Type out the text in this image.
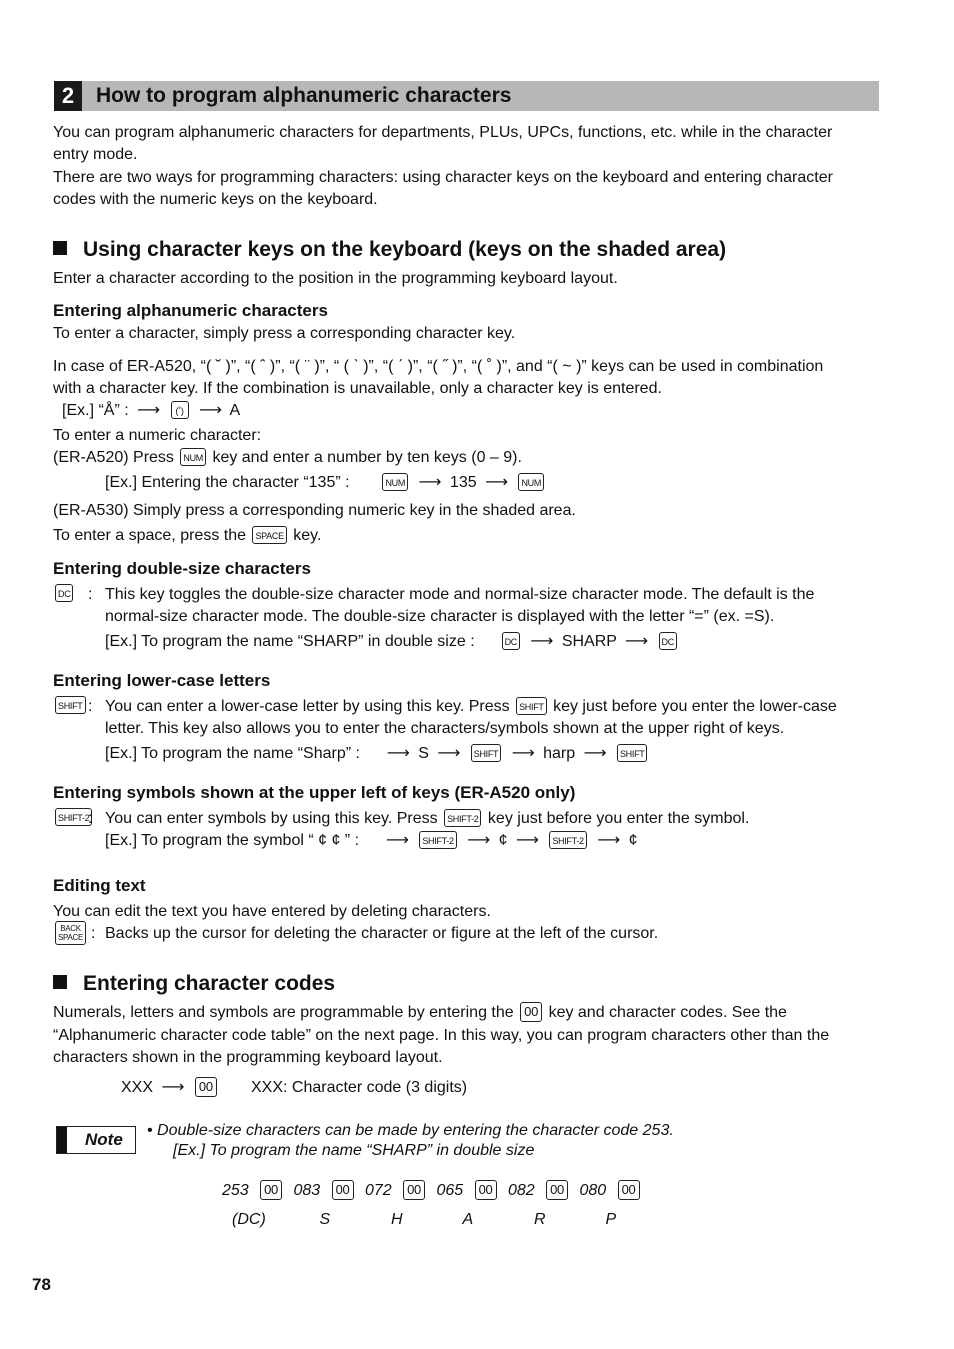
2	How to program alphanumeric characters
You can program alphanumeric characters for departments, PLUs, UPCs, functions, etc. while in the character
entry mode.
There are two ways for programming characters: using character keys on the keyboard and entering character
codes with the numeric keys on the keyboard.
Using character keys on the keyboard (keys on the shaded area)
Enter a character according to the position in the programming keyboard layout.
Entering alphanumeric characters
To enter a character, simply press a corresponding character key.
In case of ER-A520, “( ˘ )”, “( ˆ )”, “( ¨ )”, “ ( ˋ )”, “( ˊ )”, “( ˝ )”, “( ˚ )”, and “( ~ )” keys can be used in combination
with a character key. If the combination is unavailable, only a character key is entered.
[Ex.] “Å” : ⟶ (˚) ⟶ A
To enter a numeric character:
(ER-A520) Press NUM key and enter a number by ten keys (0 – 9).
[Ex.] Entering the character “135” :	NUM ⟶ 135 ⟶ NUM
(ER-A530) Simply press a corresponding numeric key in the shaded area.
To enter a space, press the SPACE key.
Entering double-size characters
DC	: This key toggles the double-size character mode and normal-size character mode. The default is the
normal-size character mode. The double-size character is displayed with the letter “=” (ex. =S).
[Ex.] To program the name “SHARP” in double size :	DC ⟶ SHARP ⟶ DC
Entering lower-case letters
SHIFT : You can enter a lower-case letter by using this key. Press SHIFT key just before you enter the lower-case
letter. This key also allows you to enter the characters/symbols shown at the upper right of keys.
[Ex.] To program the name “Sharp” : ⟶ S ⟶ SHIFT ⟶ harp ⟶ SHIFT
Entering symbols shown at the upper left of keys (ER-A520 only)
SHIFT-2
: You can enter symbols by using this key. Press SHIFT-2 key just before you enter the symbol.
[Ex.] To program the symbol “ ¢ ¢ ” : ⟶ SHIFT-2 ⟶ ¢ ⟶ SHIFT-2 ⟶ ¢
Editing text
You can edit the text you have entered by deleting characters.
BACK
SPACE : Backs up the cursor for deleting the character or figure at the left of the cursor.
Entering character codes
Numerals, letters and symbols are programmable by entering the 00 key and character codes. See the
“Alphanumeric character code table” on the next page. In this way, you can program characters other than the
characters shown in the programming keyboard layout.
XXX ⟶ 00	XXX: Character code (3 digits)
Note • Double-size characters can be made by entering the character code 253.
[Ex.] To program the name “SHARP” in double size
253	00 083	00 072	00 065	00 082	00 080	00
(DC)	S	H	A	R	P
78
